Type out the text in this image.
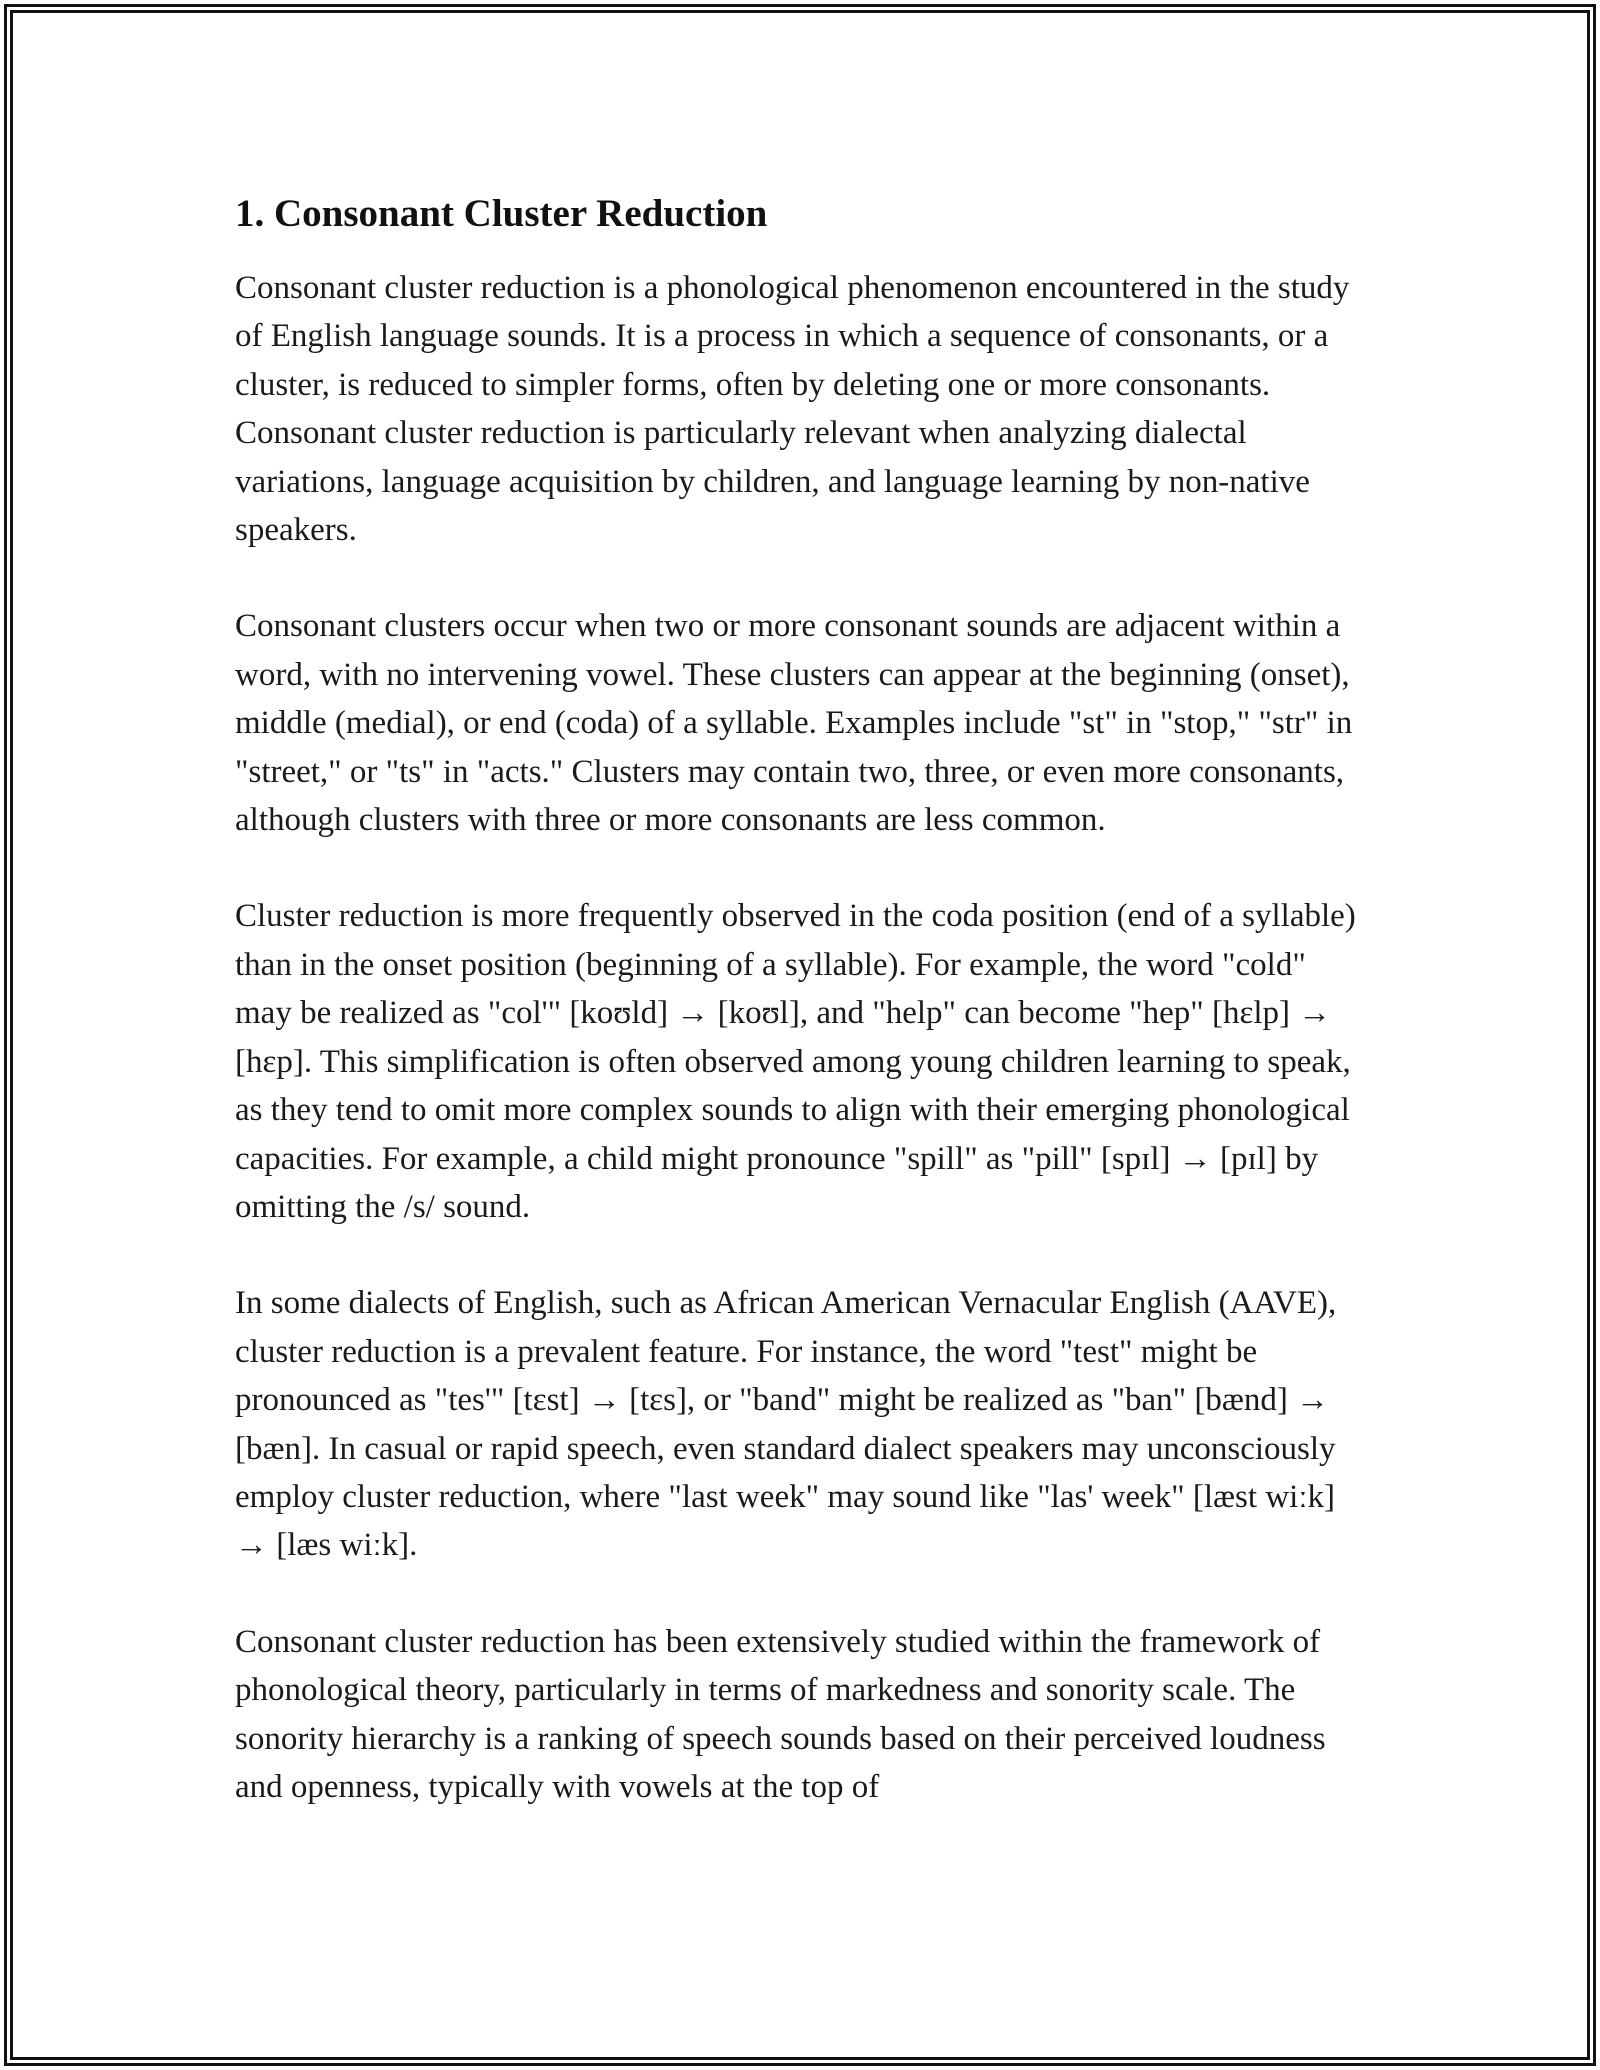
1. Consonant Cluster Reduction

Consonant cluster reduction is a phonological phenomenon encountered in the study of English language sounds. It is a process in which a sequence of consonants, or a cluster, is reduced to simpler forms, often by deleting one or more consonants. Consonant cluster reduction is particularly relevant when analyzing dialectal variations, language acquisition by children, and language learning by non-native speakers.

Consonant clusters occur when two or more consonant sounds are adjacent within a word, with no intervening vowel. These clusters can appear at the beginning (onset), middle (medial), or end (coda) of a syllable. Examples include "st" in "stop," "str" in "street," or "ts" in "acts." Clusters may contain two, three, or even more consonants, although clusters with three or more consonants are less common.

Cluster reduction is more frequently observed in the coda position (end of a syllable) than in the onset position (beginning of a syllable). For example, the word "cold" may be realized as "col'" [koʊld] → [koʊl], and "help" can become "hep" [hɛlp] → [hɛp]. This simplification is often observed among young children learning to speak, as they tend to omit more complex sounds to align with their emerging phonological capacities. For example, a child might pronounce "spill" as "pill" [spɪl] → [pɪl] by omitting the /s/ sound.

In some dialects of English, such as African American Vernacular English (AAVE), cluster reduction is a prevalent feature. For instance, the word "test" might be pronounced as "tes'" [tɛst] → [tɛs], or "band" might be realized as "ban" [bænd] → [bæn]. In casual or rapid speech, even standard dialect speakers may unconsciously employ cluster reduction, where "last week" may sound like "las' week" [læst wiːk] → [læs wiːk].

Consonant cluster reduction has been extensively studied within the framework of phonological theory, particularly in terms of markedness and sonority scale. The sonority hierarchy is a ranking of speech sounds based on their perceived loudness and openness, typically with vowels at the top of
